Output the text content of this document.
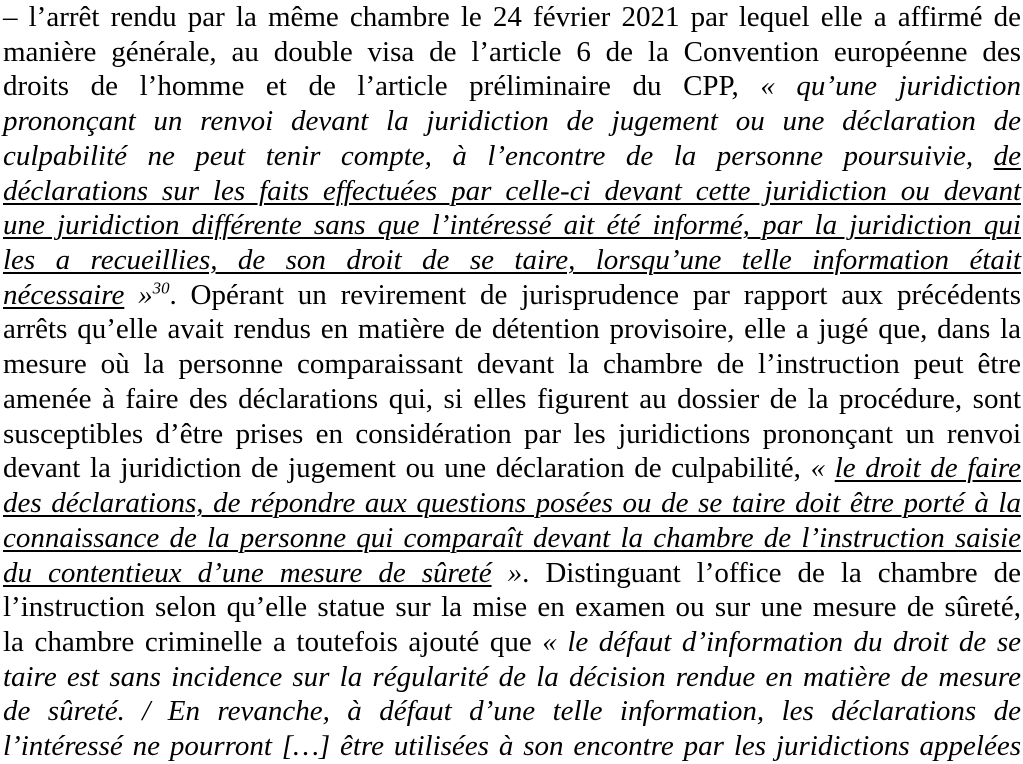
– l’arrêt rendu par la même chambre le 24 février 2021 par lequel elle a affirmé de
manière générale, au double visa de l’article 6 de la Convention européenne des
droits de l’homme et de l’article préliminaire du CPP, « qu’une juridiction
prononçant un renvoi devant la juridiction de jugement ou une déclaration de
culpabilité ne peut tenir compte, à l’encontre de la personne poursuivie, de
déclarations sur les faits effectuées par celle-ci devant cette juridiction ou devant
une juridiction différente sans que l’intéressé ait été informé, par la juridiction qui
les a recueillies, de son droit de se taire, lorsqu’une telle information était
nécessaire »$^{30}$. Opérant un revirement de jurisprudence par rapport aux précédents
arrêts qu’elle avait rendus en matière de détention provisoire, elle a jugé que, dans la
mesure où la personne comparaissant devant la chambre de l’instruction peut être
amenée à faire des déclarations qui, si elles figurent au dossier de la procédure, sont
susceptibles d’être prises en considération par les juridictions prononçant un renvoi
devant la juridiction de jugement ou une déclaration de culpabilité, « le droit de faire
des déclarations, de répondre aux questions posées ou de se taire doit être porté à la
connaissance de la personne qui comparaît devant la chambre de l’instruction saisie
du contentieux d’une mesure de sûreté ». Distinguant l’office de la chambre de
l’instruction selon qu’elle statue sur la mise en examen ou sur une mesure de sûreté,
la chambre criminelle a toutefois ajouté que « le défaut d’information du droit de se
taire est sans incidence sur la régularité de la décision rendue en matière de mesure
de sûreté. / En revanche, à défaut d’une telle information, les déclarations de
l’intéressé ne pourront […] être utilisées à son encontre par les juridictions appelées
